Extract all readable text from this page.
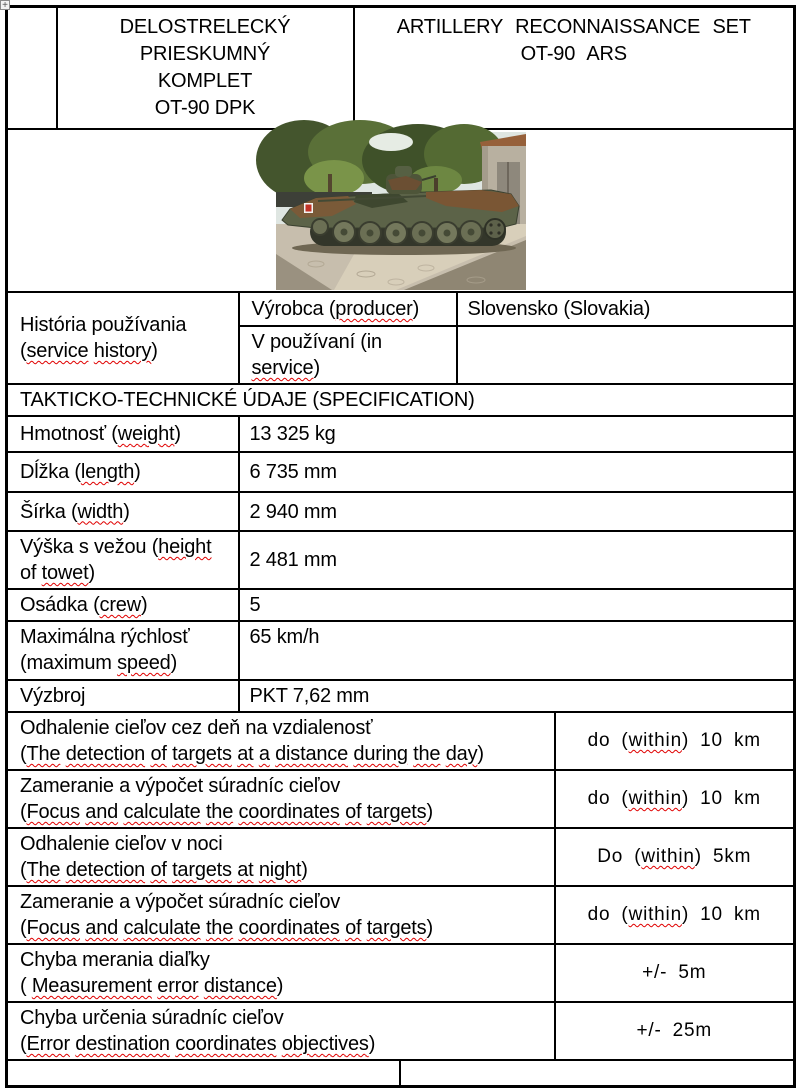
+

DELOSTRELECKÝ PRIESKUMNÝ
KOMPLET
OT-90 DPK

ARTILLERY RECONNAISSANCE SET
OT-90 ARS

História používania (service history)		Výrobca (producer)			Slovensko (Slovakia)	
		V používaní (in service)				
TAKTICKO-TECHNICKÉ ÚDAJE (SPECIFICATION)						
Hmotnosť (weight)		13 325 kg				
Dĺžka (length)		6 735 mm				
Šírka (width)		2 940 mm				
Výška s vežou (height of towet)		2 481 mm				
Osádka (crew)		5				
Maximálna rýchlosť (maximum speed)		65 km/h				
Výzbroj		PKT 7,62 mm				

Odhalenie cieľov cez deň na vzdialenosť
(The detection of targets at a distance during the day)						do (within) 10 km

Zameranie a výpočet súradníc cieľov
(Focus and calculate the coordinates of targets)						do (within) 10 km

Odhalenie cieľov v noci
(The detection of targets at night)						Do (within) 5km

Zameranie a výpočet súradníc cieľov
(Focus and calculate the coordinates of targets)						do (within) 10 km

Chyba merania diaľky
( Measurement error distance)						+/- 5m

Chyba určenia súradníc cieľov
(Error destination coordinates objectives)						+/- 25m
